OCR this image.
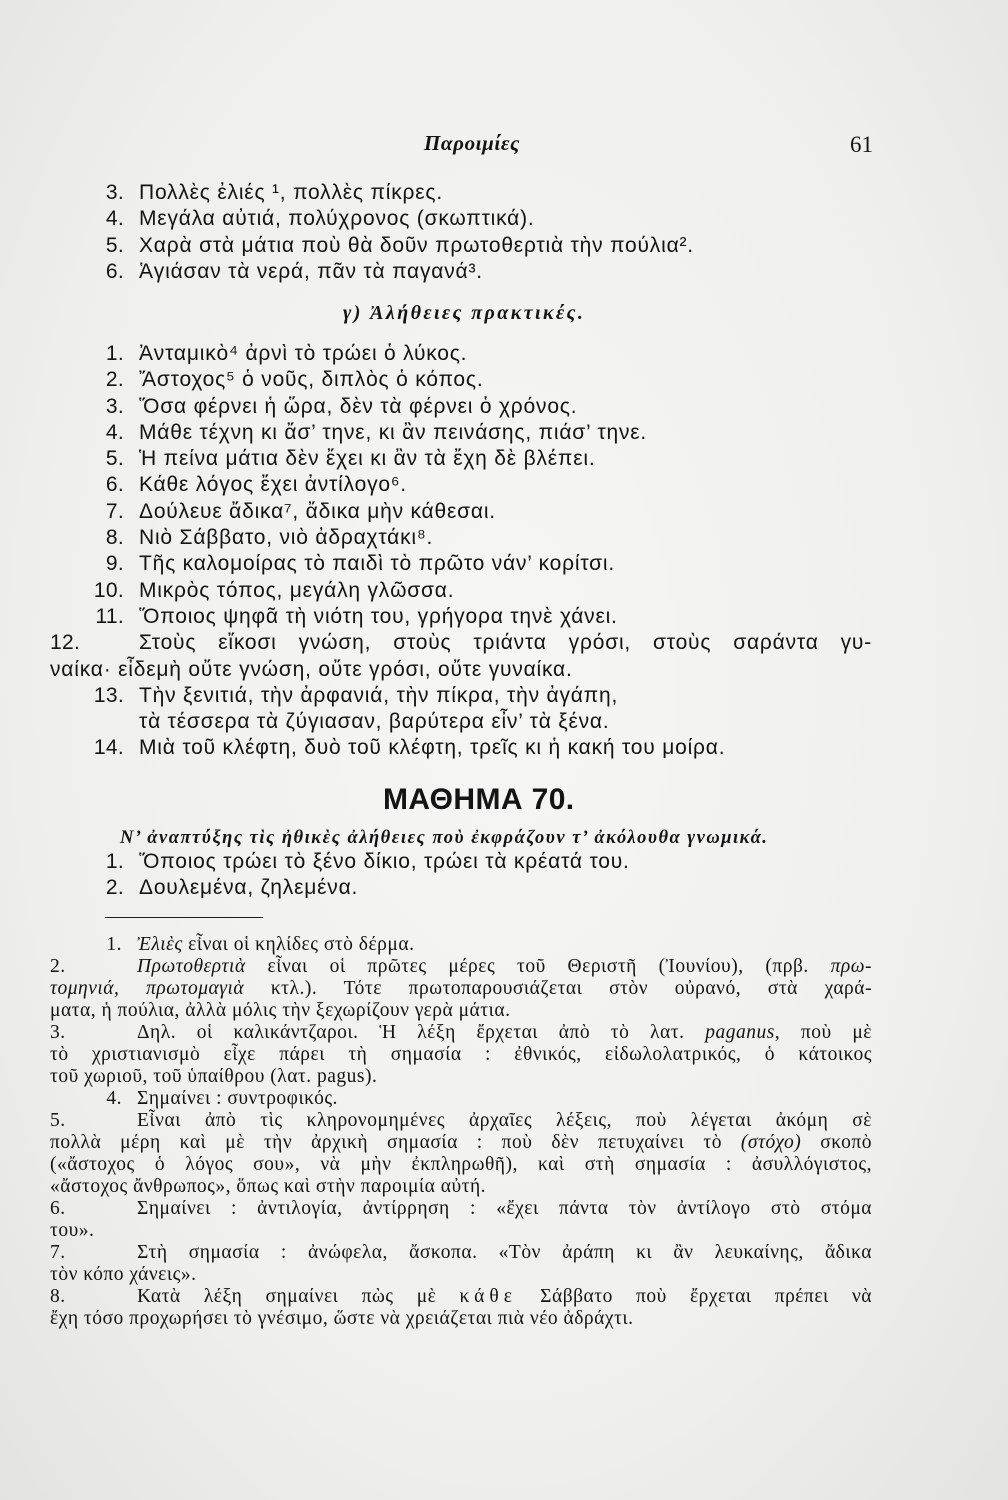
Παροιμίες	61
3. Πολλὲς ἐλιές ¹, πολλὲς πίκρες.
4. Μεγάλα αὐτιά, πολύχρονος (σκωπτικά).
5. Χαρὰ στὰ μάτια ποὺ θὰ δοῦν πρωτοθερτιὰ τὴν πούλια².
6. Ἁγιάσαν τὰ νερά, πᾶν τὰ παγανά³.
γ) Ἀλήθειες πρακτικές.
1. Ἀνταμικὸ⁴ ἀρνὶ τὸ τρώει ὁ λύκος.
2. Ἄστοχος⁵ ὁ νοῦς, διπλὸς ὁ κόπος.
3. Ὅσα φέρνει ἡ ὥρα, δὲν τὰ φέρνει ὁ χρόνος.
4. Μάθε τέχνη κι ἄσ’ τηνε, κι ἂν πεινάσης, πιάσ’ τηνε.
5. Ἡ πείνα μάτια δὲν ἔχει κι ἂν τὰ ἔχη δὲ βλέπει.
6. Κάθε λόγος ἔχει ἀντίλογο⁶.
7. Δούλευε ἄδικα⁷, ἄδικα μὴν κάθεσαι.
8. Νιὸ Σάββατο, νιὸ ἀδραχτάκι⁸.
9. Τῆς καλομοίρας τὸ παιδὶ τὸ πρῶτο νάν’ κορίτσι.
10. Μικρὸς τόπος, μεγάλη γλῶσσα.
11. Ὅποιος ψηφᾶ τὴ νιότη του, γρήγορα τηνὲ χάνει.
12.	Στοὺς εἴκοσι γνώση, στοὺς τριάντα γρόσι, στοὺς σαράντα γυ-
ναίκα· εἶδεμὴ οὔτε γνώση, οὔτε γρόσι, οὔτε γυναίκα.
13. Τὴν ξενιτιά, τὴν ἀρφανιά, τὴν πίκρα, τὴν ἀγάπη,
τὰ τέσσερα τὰ ζύγιασαν, βαρύτερα εἶν’ τὰ ξένα.
14. Μιὰ τοῦ κλέφτη, δυὸ τοῦ κλέφτη, τρεῖς κι ἡ κακή του μοίρα.
ΜΑΘΗΜΑ 70.
Ν’ ἀναπτύξης τὶς ἠθικὲς ἀλήθειες ποὺ ἐκφράζουν τ’ ἀκόλουθα γνωμικά.
1. Ὅποιος τρώει τὸ ξένο δίκιο, τρώει τὰ κρέατά του.
2. Δουλεμένα, ζηλεμένα.
1. Ἐλιὲς εἶναι οἱ κηλίδες στὸ δέρμα.
2.	Πρωτοθερτιὰ εἶναι οἱ πρῶτες μέρες τοῦ Θεριστῆ (Ἰουνίου), (πρβ. πρω-
τομηνιά, πρωτομαγιὰ κτλ.). Τότε πρωτοπαρουσιάζεται στὸν οὐρανό, στὰ χαρά-
ματα, ἡ πούλια, ἀλλὰ μόλις τὴν ξεχωρίζουν γερὰ μάτια.
3.	Δηλ. οἱ καλικάντζαροι. Ἡ λέξη ἔρχεται ἀπὸ τὸ λατ. paganus, ποὺ μὲ
τὸ χριστιανισμὸ εἶχε πάρει τὴ σημασία : ἐθνικός, εἰδωλολατρικός, ὁ κάτοικος
τοῦ χωριοῦ, τοῦ ὑπαίθρου (λατ. pagus).
4. Σημαίνει : συντροφικός.
5.	Εἶναι ἀπὸ τὶς κληρονομημένες ἀρχαῖες λέξεις, ποὺ λέγεται ἀκόμη σὲ
πολλὰ μέρη καὶ μὲ τὴν ἀρχικὴ σημασία : ποὺ δὲν πετυχαίνει τὸ (στόχο) σκοπὸ
(«ἄστοχος ὁ λόγος σου», νὰ μὴν ἐκπληρωθῆ), καὶ στὴ σημασία : ἀσυλλόγιστος,
«ἄστοχος ἄνθρωπος», ὅπως καὶ στὴν παροιμία αὐτή.
6.	Σημαίνει : ἀντιλογία, ἀντίρρηση : «ἔχει πάντα τὸν ἀντίλογο στὸ στόμα
του».
7.	Στὴ σημασία : ἀνώφελα, ἄσκοπα. «Τὸν ἀράπη κι ἂν λευκαίνης, ἄδικα
τὸν κόπο χάνεις».
8.	Κατὰ λέξη σημαίνει πὼς μὲ κάθε Σάββατο ποὺ ἔρχεται πρέπει νὰ
ἔχη τόσο προχωρήσει τὸ γνέσιμο, ὥστε νὰ χρειάζεται πιὰ νέο ἀδράχτι.
